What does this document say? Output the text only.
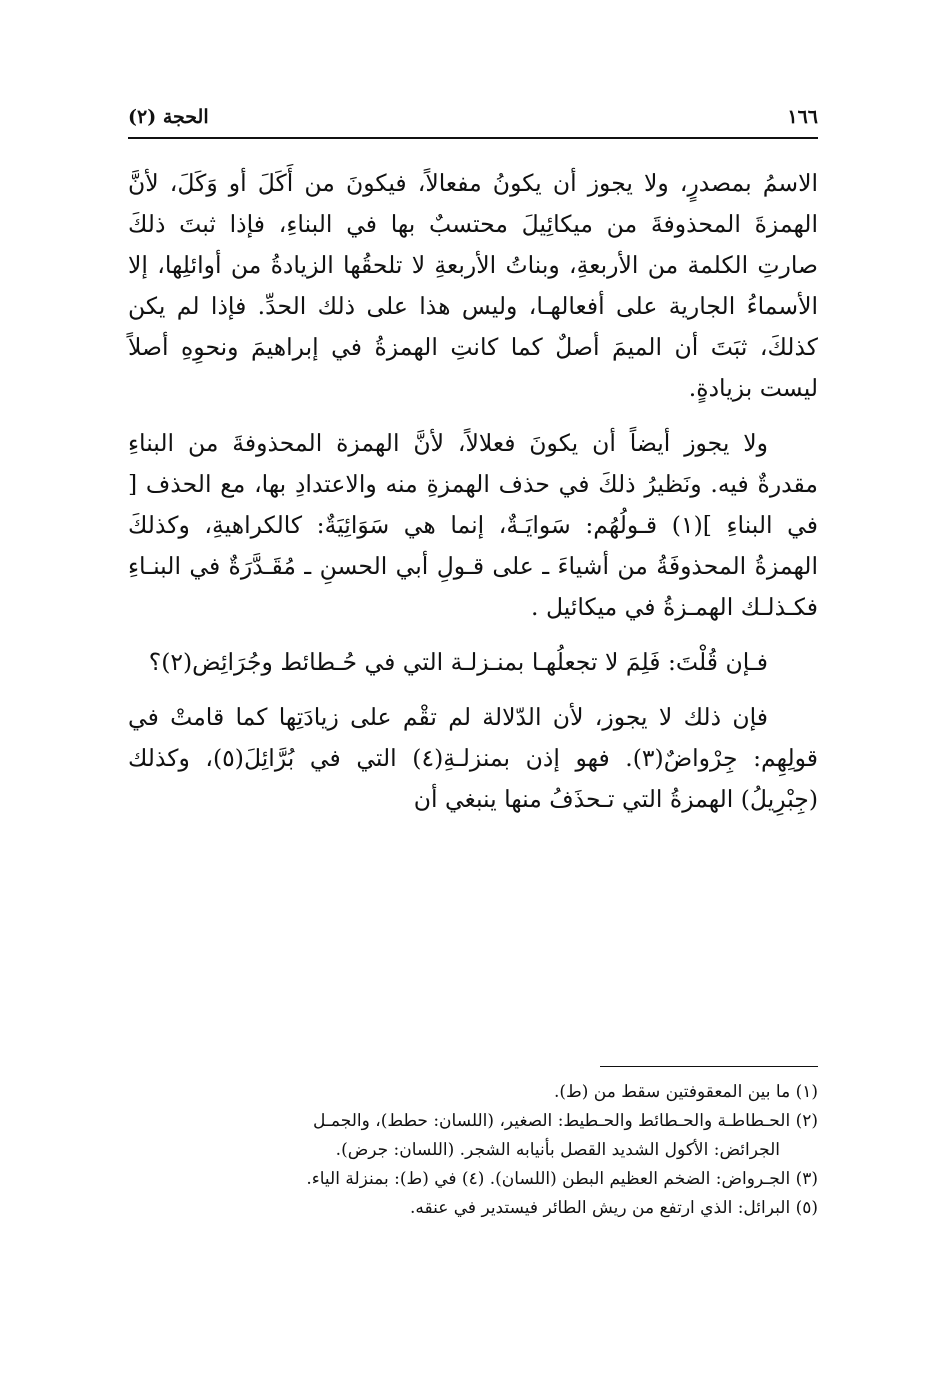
١٦٦
الحجة (٢)

الاسمُ بمصدرٍ، ولا يجوز أن يكونُ مفعالاً، فيكونَ من أَكَلَ أو وَكَلَ، لأنَّ الهمزةَ المحذوفةَ من ميكائِيلَ محتسبٌ بها في البناءِ، فإذا ثبتَ ذلكَ صارتِ الكلمة من الأربعةِ، وبناتُ الأربعةِ لا تلحقُها الزيادةُ من أوائلِها، إلا الأسماءُ الجارية على أفعالهـا، وليس هذا على ذلك الحدِّ. فإذا لم يكن كذلكَ، ثبَتَ أن الميمَ أصلٌ كما كانتِ الهمزةُ في إبراهيمَ ونحوِهِ أصلاً ليست بزيادةٍ.

ولا يجوز أيضاً أن يكونَ فعلالاً، لأنَّ الهمزة المحذوفةَ من البناءِ مقدرةٌ فيه. ونَظيرُ ذلكَ في حذف الهمزةِ منه والاعتدادِ بها، مع الحذف [ في البناءِ ](١) قـولُهُم: سَوايَـةٌ، إنما هي سَوَائِيَةٌ: كالكراهيةِ، وكذلكَ الهمزةُ المحذوفَةُ من أشياءَ ـ على قـولِ أبي الحسنِ ـ مُقَـدَّرَةٌ في البنـاءِ فكـذلـك الهمـزةُ في ميكائيل .

فـإن قُلْتَ: فَلِمَ لا تجعلُهـا بمنـزلـة التي في حُـطائط وجُرَائِض(٢)؟

فإن ذلك لا يجوز، لأن الدّلالة لم تقْم على زيادَتِها كما قامتْ في قولِهِم: جِرْواضٌ(٣). فهو إذن بمنزلـةِ(٤) التي في بُرَّائِلَ(٥)، وكذلك (جِبْرِيلُ) الهمزةُ التي تـحذَفُ منها ينبغي أن

(١) ما بين المعقوفتين سقط من (ط).

(٢) الحـطاطـة والحـطائط والحـطيط: الصغير، (اللسان: حطط)، والجمـل

الجرائض: الأكول الشديد القصل بأنيابه الشجر. (اللسان: جرض).

(٣) الجـرواض: الضخم العظيم البطن (اللسان). (٤) في (ط): بمنزلة الياء.

(٥) البرائل: الذي ارتفع من ريش الطائر فيستدير في عنقه.
